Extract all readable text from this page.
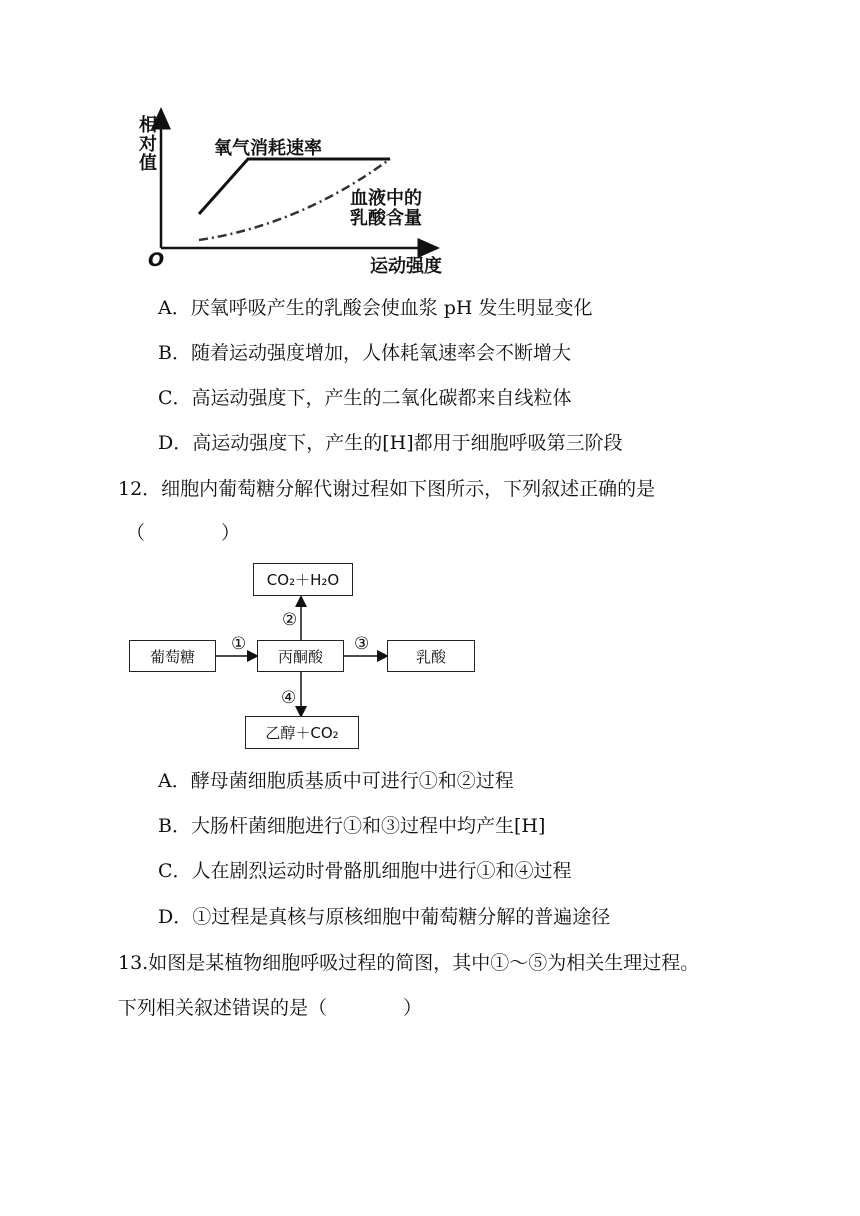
相
对
值
O	运动强度
氧气消耗速率
血液中的
乳酸含量
A．厌氧呼吸产生的乳酸会使血浆 pH 发生明显变化
B．随着运动强度增加，人体耗氧速率会不断增大
C．高运动强度下，产生的二氧化碳都来自线粒体
D．高运动强度下，产生的[H]都用于细胞呼吸第三阶段
12．细胞内葡萄糖分解代谢过程如下图所示，下列叙述正确的是
（　　　　）
CO₂＋H₂O
葡萄糖	丙酮酸	乳酸
乙醇＋CO₂
①
②
③
④
A．酵母菌细胞质基质中可进行①和②过程
B．大肠杆菌细胞进行①和③过程中均产生[H]
C．人在剧烈运动时骨骼肌细胞中进行①和④过程
D．①过程是真核与原核细胞中葡萄糖分解的普遍途径
13.如图是某植物细胞呼吸过程的简图，其中①～⑤为相关生理过程。
下列相关叙述错误的是（　　　　）
